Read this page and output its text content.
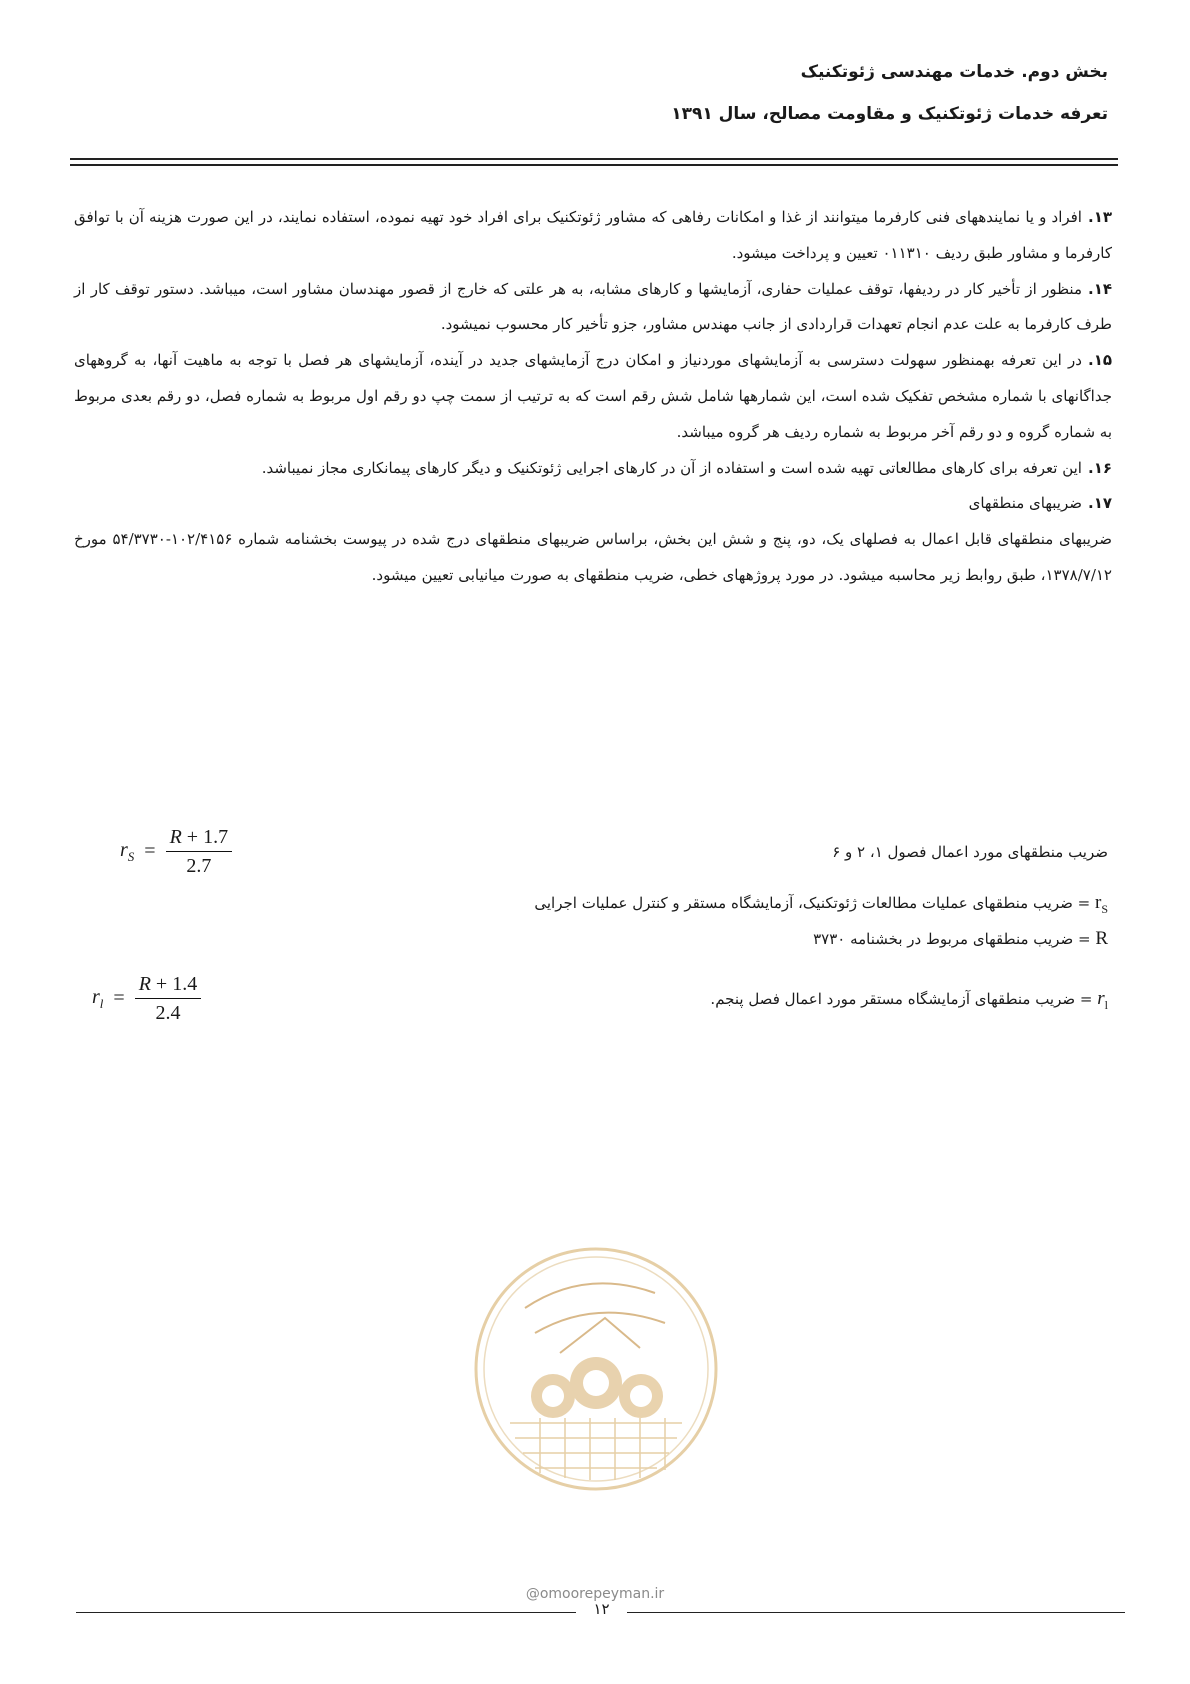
بخش دوم. خدمات مهندسی ژئوتکنیک
تعرفه خدمات ژئوتکنیک و مقاومت مصالح، سال ۱۳۹۱

۱۳.افراد و یا نمایندههای فنی کارفرما میتوانند از غذا و امکانات رفاهی که مشاور ژئوتکنیک برای افراد خود تهیه نموده، استفاده نمایند، در این صورت هزینه آن با توافق کارفرما و مشاور طبق ردیف ۰۱۱۳۱۰ تعیین و پرداخت میشود.

۱۴.منظور از تأخیر کار در ردیفها، توقف عملیات حفاری، آزمایشها و کارهای مشابه، به هر علتی که خارج از قصور مهندسان مشاور است، میباشد. دستور توقف کار از طرف کارفرما به علت عدم انجام تعهدات قراردادی از جانب مهندس مشاور، جزو تأخیر کار محسوب نمیشود.

۱۵.در این تعرفه بهمنظور سهولت دسترسی به آزمایشهای موردنیاز و امکان درج آزمایشهای جدید در آینده، آزمایشهای هر فصل با توجه به ماهیت آنها، به گروههای جداگانهای با شماره مشخص تفکیک شده است، این شمارهها شامل شش رقم است که به ترتیب از سمت چپ دو رقم اول مربوط به شماره فصل، دو رقم بعدی مربوط به شماره گروه و دو رقم آخر مربوط به شماره ردیف هر گروه میباشد.

۱۶.این تعرفه برای کارهای مطالعاتی تهیه شده است و استفاده از آن در کارهای اجرایی ژئوتکنیک و دیگر کارهای پیمانکاری مجاز نمیباشد.

۱۷.ضریبهای منطقهای

ضریبهای منطقهای قابل اعمال به فصلهای یک، دو، پنج و شش این بخش، براساس ضریبهای منطقهای درج شده در پیوست بخشنامه شماره ۱۰۲/۴۱۵۶-۵۴/۳۷۳۰ مورخ ۱۳۷۸/۷/۱۲، طبق روابط زیر محاسبه میشود. در مورد پروژههای خطی، ضریب منطقهای به صورت میانیابی تعیین میشود.

$r_S = \frac{R + 1.7}{2.7}$	ضریب منطقهای مورد اعمال فصول ۱، ۲ و ۶
$r_S$ = ضریب منطقهای عملیات مطالعات ژئوتکنیک، آزمایشگاه مستقر و کنترل عملیات اجرایی
R = ضریب منطقهای مربوط در بخشنامه ۳۷۳۰
$r_l = \frac{R + 1.4}{2.4}$	$r_l$ = ضریب منطقهای آزمایشگاه مستقر مورد اعمال فصل پنجم.
@omoorepeyman.ir
۱۲
